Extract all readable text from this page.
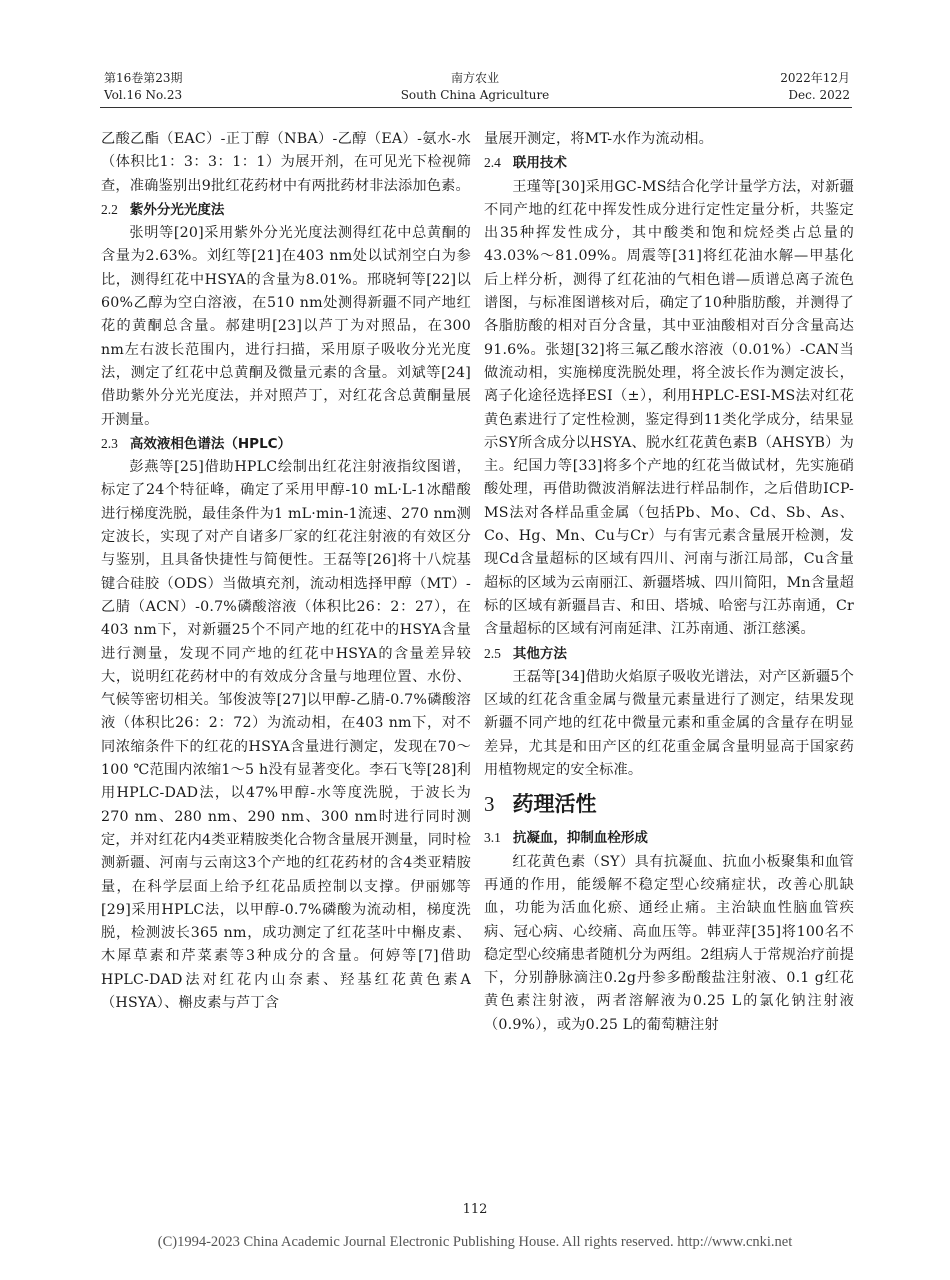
第16卷第23期
Vol.16 No.23
南方农业
South China Agriculture
2022年12月
Dec. 2022

乙酸乙酯（EAC）-正丁醇（NBA）-乙醇（EA）-氨水-水（体积比1：3：3：1：1）为展开剂，在可见光下检视筛查，准确鉴别出9批红花药材中有两批药材非法添加色素。

2.2 紫外分光光度法

张明等[20]采用紫外分光光度法测得红花中总黄酮的含量为2.63%。刘红等[21]在403 nm处以试剂空白为参比，测得红花中HSYA的含量为8.01%。邢晓轲等[22]以60%乙醇为空白溶液，在510 nm处测得新疆不同产地红花的黄酮总含量。郝建明[23]以芦丁为对照品，在300 nm左右波长范围内，进行扫描，采用原子吸收分光光度法，测定了红花中总黄酮及微量元素的含量。刘斌等[24]借助紫外分光光度法，并对照芦丁，对红花含总黄酮量展开测量。

2.3 高效液相色谱法（HPLC）

彭燕等[25]借助HPLC绘制出红花注射液指纹图谱，标定了24个特征峰，确定了采用甲醇-10 mL·L-1冰醋酸进行梯度洗脱，最佳条件为1 mL·min-1流速、270 nm测定波长，实现了对产自诸多厂家的红花注射液的有效区分与鉴别，且具备快捷性与简便性。王磊等[26]将十八烷基键合硅胶（ODS）当做填充剂，流动相选择甲醇（MT）-乙腈（ACN）-0.7%磷酸溶液（体积比26：2：27），在403 nm下，对新疆25个不同产地的红花中的HSYA含量进行测量，发现不同产地的红花中HSYA的含量差异较大，说明红花药材中的有效成分含量与地理位置、水份、气候等密切相关。邹俊波等[27]以甲醇-乙腈-0.7%磷酸溶液（体积比26：2：72）为流动相，在403 nm下，对不同浓缩条件下的红花的HSYA含量进行测定，发现在70～100 ℃范围内浓缩1～5 h没有显著变化。李石飞等[28]利用HPLC-DAD法，以47%甲醇-水等度洗脱，于波长为270 nm、280 nm、290 nm、300 nm时进行同时测定，并对红花内4类亚精胺类化合物含量展开测量，同时检测新疆、河南与云南这3个产地的红花药材的含4类亚精胺量，在科学层面上给予红花品质控制以支撑。伊丽娜等[29]采用HPLC法，以甲醇-0.7%磷酸为流动相，梯度洗脱，检测波长365 nm，成功测定了红花茎叶中槲皮素、木犀草素和芹菜素等3种成分的含量。何婷等[7]借助HPLC-DAD法对红花内山奈素、羟基红花黄色素A（HSYA）、槲皮素与芦丁含

量展开测定，将MT-水作为流动相。

2.4 联用技术

王瑾等[30]采用GC-MS结合化学计量学方法，对新疆不同产地的红花中挥发性成分进行定性定量分析，共鉴定出35种挥发性成分，其中酸类和饱和烷烃类占总量的43.03%～81.09%。周震等[31]将红花油水解—甲基化后上样分析，测得了红花油的气相色谱—质谱总离子流色谱图，与标准图谱核对后，确定了10种脂肪酸，并测得了各脂肪酸的相对百分含量，其中亚油酸相对百分含量高达91.6%。张翅[32]将三氟乙酸水溶液（0.01%）-CAN当做流动相，实施梯度洗脱处理，将全波长作为测定波长，离子化途径选择ESI（±），利用HPLC-ESI-MS法对红花黄色素进行了定性检测，鉴定得到11类化学成分，结果显示SY所含成分以HSYA、脱水红花黄色素B（AHSYB）为主。纪国力等[33]将多个产地的红花当做试材，先实施硝酸处理，再借助微波消解法进行样品制作，之后借助ICP-MS法对各样品重金属（包括Pb、Mo、Cd、Sb、As、Co、Hg、Mn、Cu与Cr）与有害元素含量展开检测，发现Cd含量超标的区域有四川、河南与浙江局部，Cu含量超标的区域为云南丽江、新疆塔城、四川简阳，Mn含量超标的区域有新疆昌吉、和田、塔城、哈密与江苏南通，Cr含量超标的区域有河南延津、江苏南通、浙江慈溪。

2.5 其他方法

王磊等[34]借助火焰原子吸收光谱法，对产区新疆5个区域的红花含重金属与微量元素量进行了测定，结果发现新疆不同产地的红花中微量元素和重金属的含量存在明显差异，尤其是和田产区的红花重金属含量明显高于国家药用植物规定的安全标准。

3 药理活性
3.1 抗凝血，抑制血栓形成

红花黄色素（SY）具有抗凝血、抗血小板聚集和血管再通的作用，能缓解不稳定型心绞痛症状，改善心肌缺血，功能为活血化瘀、通经止痛。主治缺血性脑血管疾病、冠心病、心绞痛、高血压等。韩亚萍[35]将100名不稳定型心绞痛患者随机分为两组。2组病人于常规治疗前提下，分别静脉滴注0.2g丹参多酚酸盐注射液、0.1 g红花黄色素注射液，两者溶解液为0.25 L的氯化钠注射液（0.9%），或为0.25 L的葡萄糖注射

112
(C)1994-2023 China Academic Journal Electronic Publishing House. All rights reserved. http://www.cnki.net
